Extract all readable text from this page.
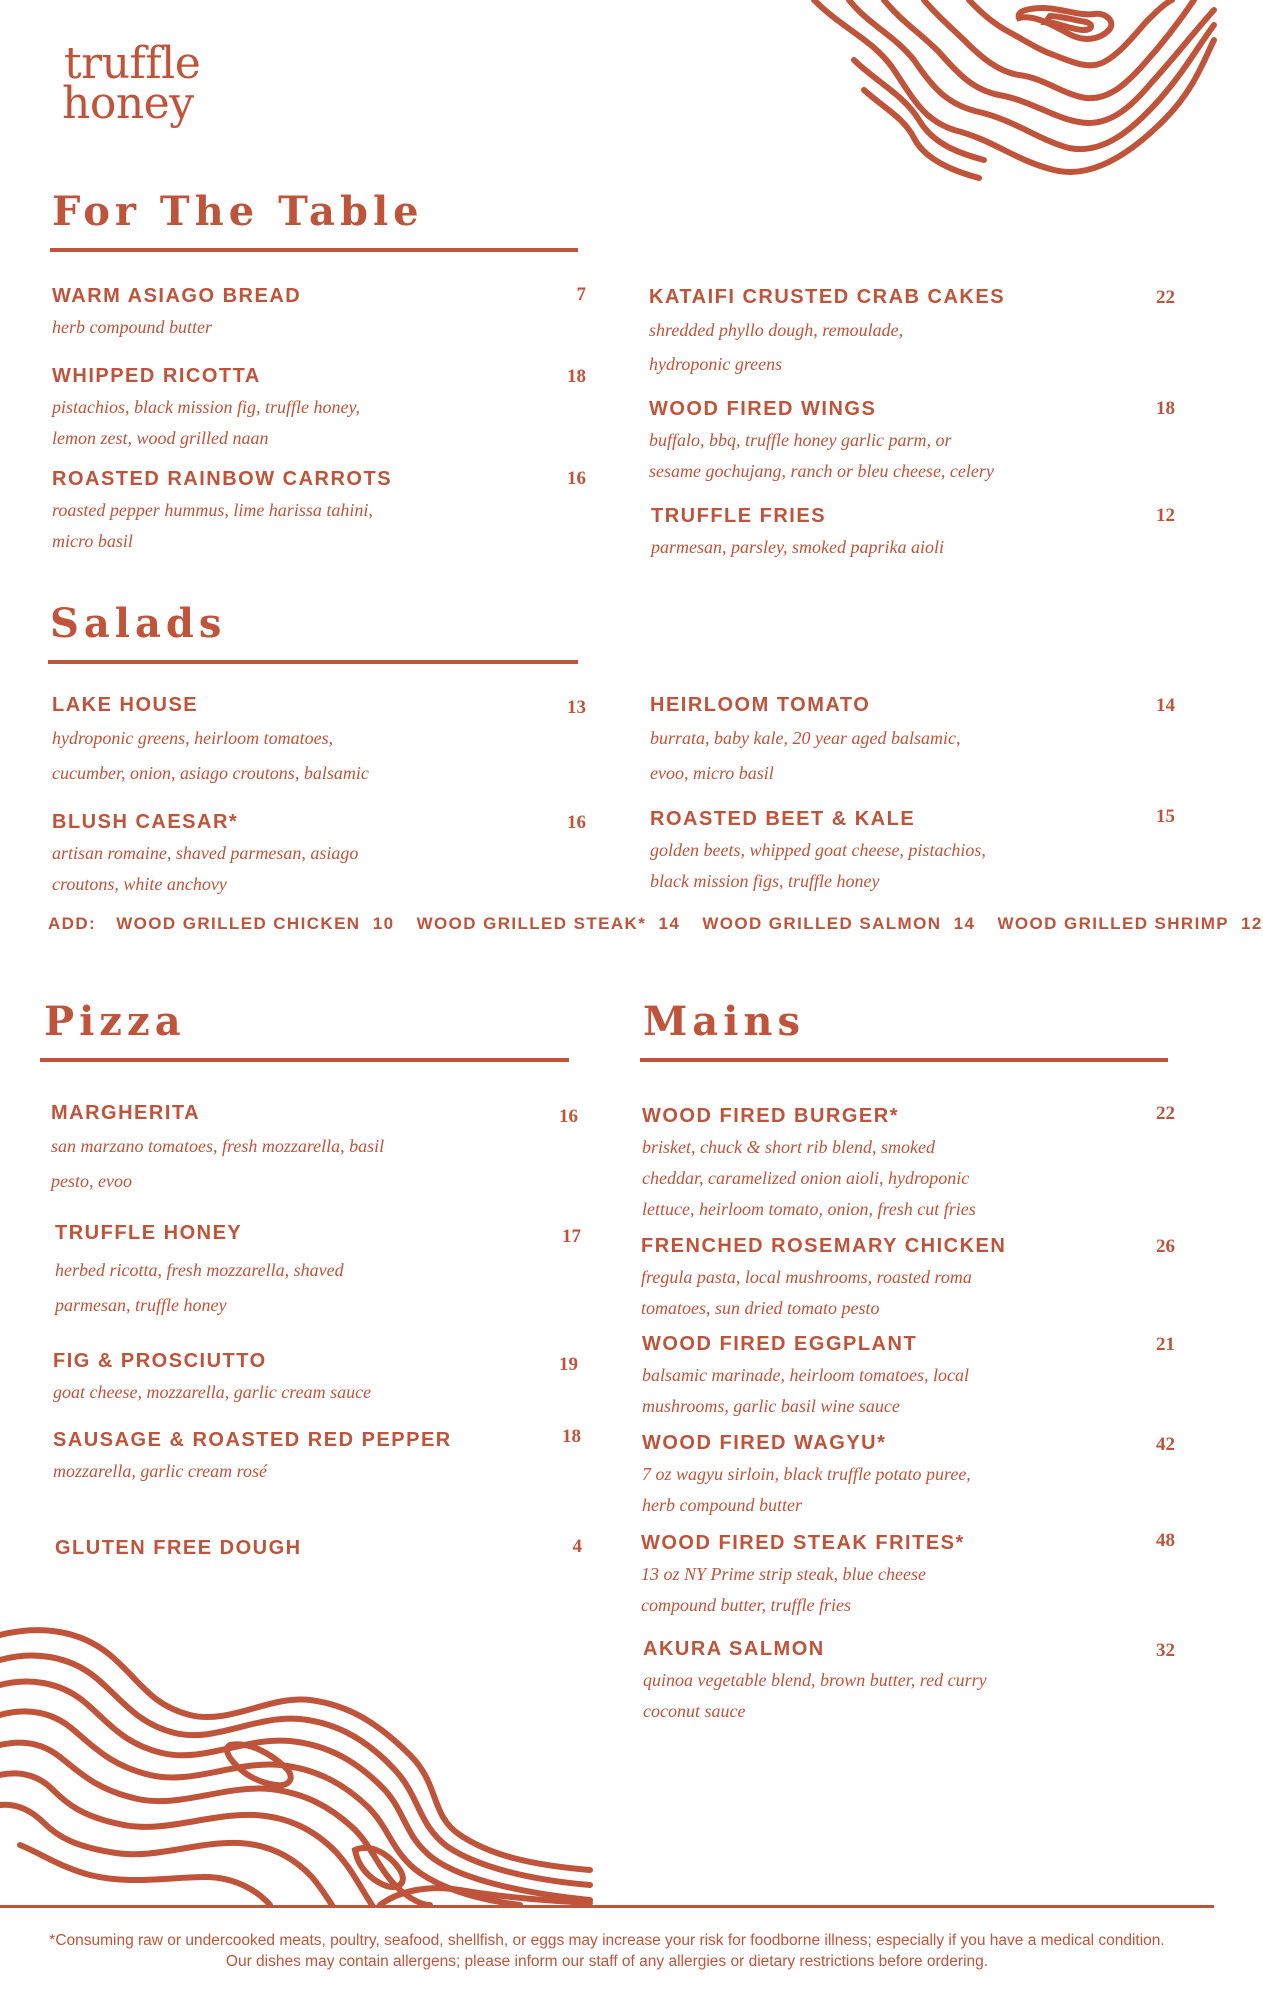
truffle
honey
For The Table
WARM ASIAGO BREAD
herb compound butter
7
WHIPPED RICOTTA
pistachios, black mission fig, truffle honey,
lemon zest, wood grilled naan
18
ROASTED RAINBOW CARROTS
roasted pepper hummus, lime harissa tahini,
micro basil
16
KATAIFI CRUSTED CRAB CAKES
shredded phyllo dough, remoulade,
hydroponic greens
22
WOOD FIRED WINGS
buffalo, bbq, truffle honey garlic parm, or
sesame gochujang, ranch or bleu cheese, celery
18
TRUFFLE FRIES
parmesan, parsley, smoked paprika aioli
12
Salads
LAKE HOUSE
hydroponic greens, heirloom tomatoes,
cucumber, onion, asiago croutons, balsamic
13
BLUSH CAESAR*
artisan romaine, shaved parmesan, asiago
croutons, white anchovy
16
HEIRLOOM TOMATO
burrata, baby kale, 20 year aged balsamic,
evoo, micro basil
14
ROASTED BEET & KALE
golden beets, whipped goat cheese, pistachios,
black mission figs, truffle honey
15
ADD: WOOD GRILLED CHICKEN  10 WOOD GRILLED STEAK*  14 WOOD GRILLED SALMON  14 WOOD GRILLED SHRIMP  12
Pizza
MARGHERITA
san marzano tomatoes, fresh mozzarella, basil
pesto, evoo
16
TRUFFLE HONEY
herbed ricotta, fresh mozzarella, shaved
parmesan, truffle honey
17
FIG & PROSCIUTTO
goat cheese, mozzarella, garlic cream sauce
19
SAUSAGE & ROASTED RED PEPPER
mozzarella, garlic cream rosé
18
GLUTEN FREE DOUGH	4
Mains
WOOD FIRED BURGER*
brisket, chuck & short rib blend, smoked
cheddar, caramelized onion aioli, hydroponic
lettuce, heirloom tomato, onion, fresh cut fries
22
FRENCHED ROSEMARY CHICKEN
fregula pasta, local mushrooms, roasted roma
tomatoes, sun dried tomato pesto
26
WOOD FIRED EGGPLANT
balsamic marinade, heirloom tomatoes, local
mushrooms, garlic basil wine sauce
21
WOOD FIRED WAGYU*
7 oz wagyu sirloin, black truffle potato puree,
herb compound butter
42
WOOD FIRED STEAK FRITES*
13 oz NY Prime strip steak, blue cheese
compound butter, truffle fries
48
AKURA SALMON
quinoa vegetable blend, brown butter, red curry
coconut sauce
32
*Consuming raw or undercooked meats, poultry, seafood, shellfish, or eggs may increase your risk for foodborne illness; especially if you have a medical condition.
Our dishes may contain allergens; please inform our staff of any allergies or dietary restrictions before ordering.
